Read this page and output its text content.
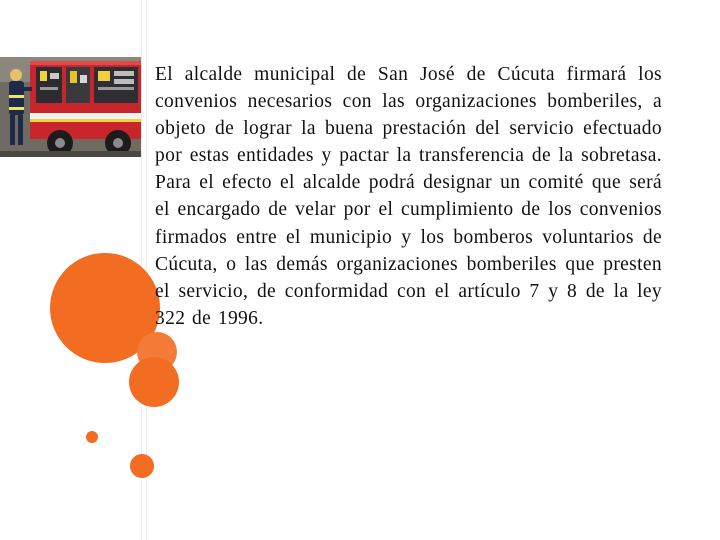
El alcalde municipal de San José de Cúcuta firmará los convenios necesarios con las organizaciones bomberiles, a objeto de lograr la buena prestación del servicio efectuado por estas entidades y pactar la transferencia de la sobretasa. Para el efecto el alcalde podrá designar un comité que será el encargado de velar por el cumplimiento de los convenios firmados entre el municipio y los bomberos voluntarios de Cúcuta, o las demás organizaciones bomberiles que presten el servicio, de conformidad con el artículo 7 y 8 de la ley 322 de 1996.
